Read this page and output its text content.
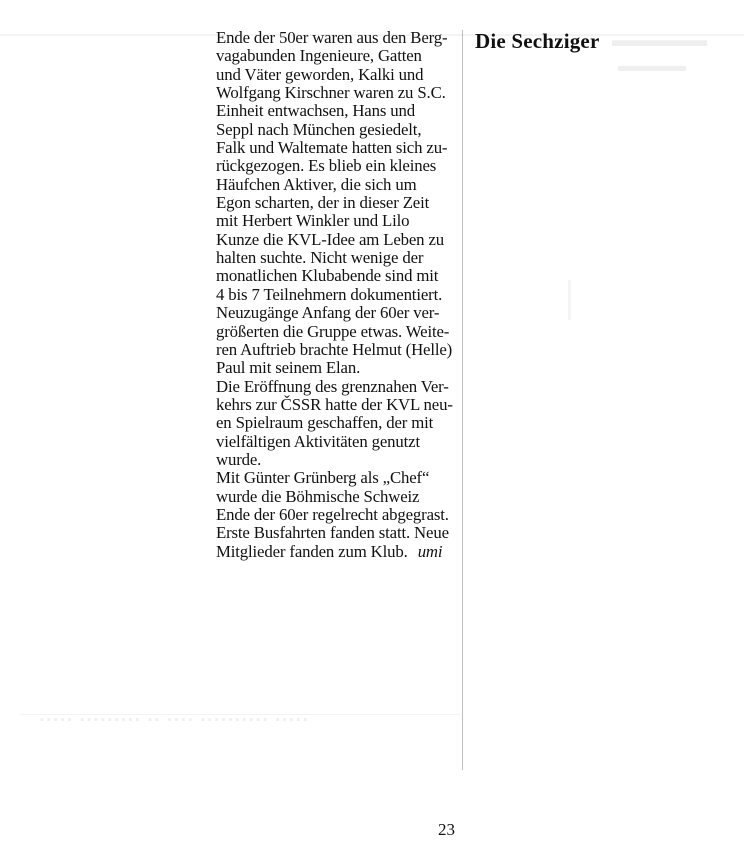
▬▬▬▬▬
▬▬▬▬
▪▪▪▪▪ ▪▪▪▪▪▪▪▪▪ ▪▪ ▪▪▪▪ ▪▪▪▪▪▪▪▪▪▪ ▪▪▪▪▪
Ende der 50er waren aus den Berg-
vagabunden Ingenieure, Gatten
und Väter geworden, Kalki und
Wolfgang Kirschner waren zu S.C.
Einheit entwachsen, Hans und
Seppl nach München gesiedelt,
Falk und Waltemate hatten sich zu-
rückgezogen. Es blieb ein kleines
Häufchen Aktiver, die sich um
Egon scharten, der in dieser Zeit
mit Herbert Winkler und Lilo
Kunze die KVL-Idee am Leben zu
halten suchte. Nicht wenige der
monatlichen Klubabende sind mit
4 bis 7 Teilnehmern dokumentiert.
Neuzugänge Anfang der 60er ver-
größerten die Gruppe etwas. Weite-
ren Auftrieb brachte Helmut (Helle)
Paul mit seinem Elan.
Die Eröffnung des grenznahen Ver-
kehrs zur ČSSR hatte der KVL neu-
en Spielraum geschaffen, der mit
vielfältigen Aktivitäten genutzt
wurde.
Mit Günter Grünberg als „Chef“
wurde die Böhmische Schweiz
Ende der 60er regelrecht abgegrast.
Erste Busfahrten fanden statt. Neue
Mitglieder fanden zum Klub. umi
Die Sechziger
23
